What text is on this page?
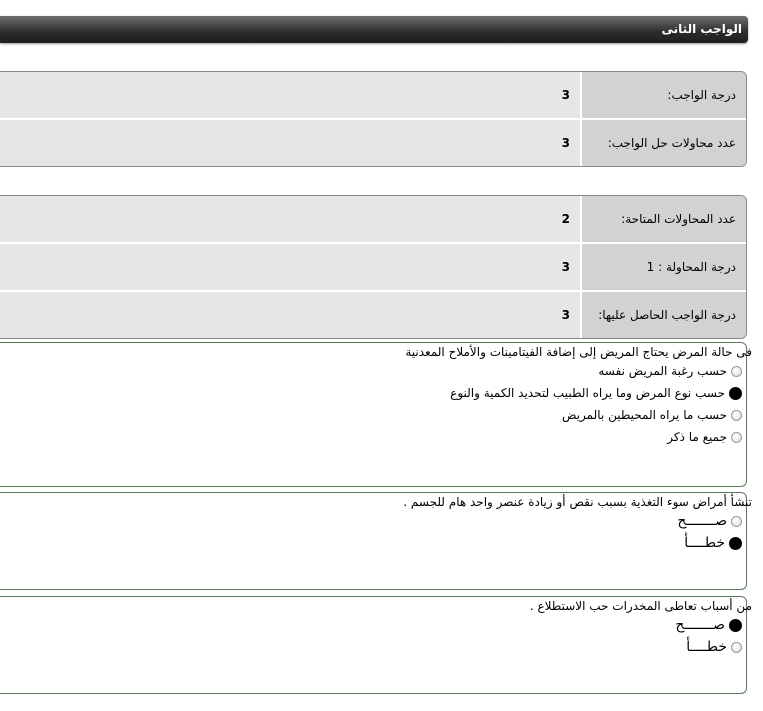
الواجب الثانى
درجة الواجب:
3
عدد محاولات حل الواجب:
3
عدد المحاولات المتاحة:
2
درجة المحاولة : 1
3
درجة الواجب الحاصل عليها:
3
فى حالة المرض يحتاج المريض إلى إضافة الفيتامينات والأملاح المعدنية
حسب رغبة المريض نفسه
حسب نوع المرض وما يراه الطبيب لتحديد الكمية والنوع
حسب ما يراه المحيطين بالمريض
جميع ما ذكر
تنشأ أمراض سوء التغذية بسبب نقص أو زيادة عنصر واحد هام للجسم .
صـــــــح
خطــــأ
من أسباب تعاطى المخدرات حب الاستطلاع .
صـــــــح
خطــــأ
